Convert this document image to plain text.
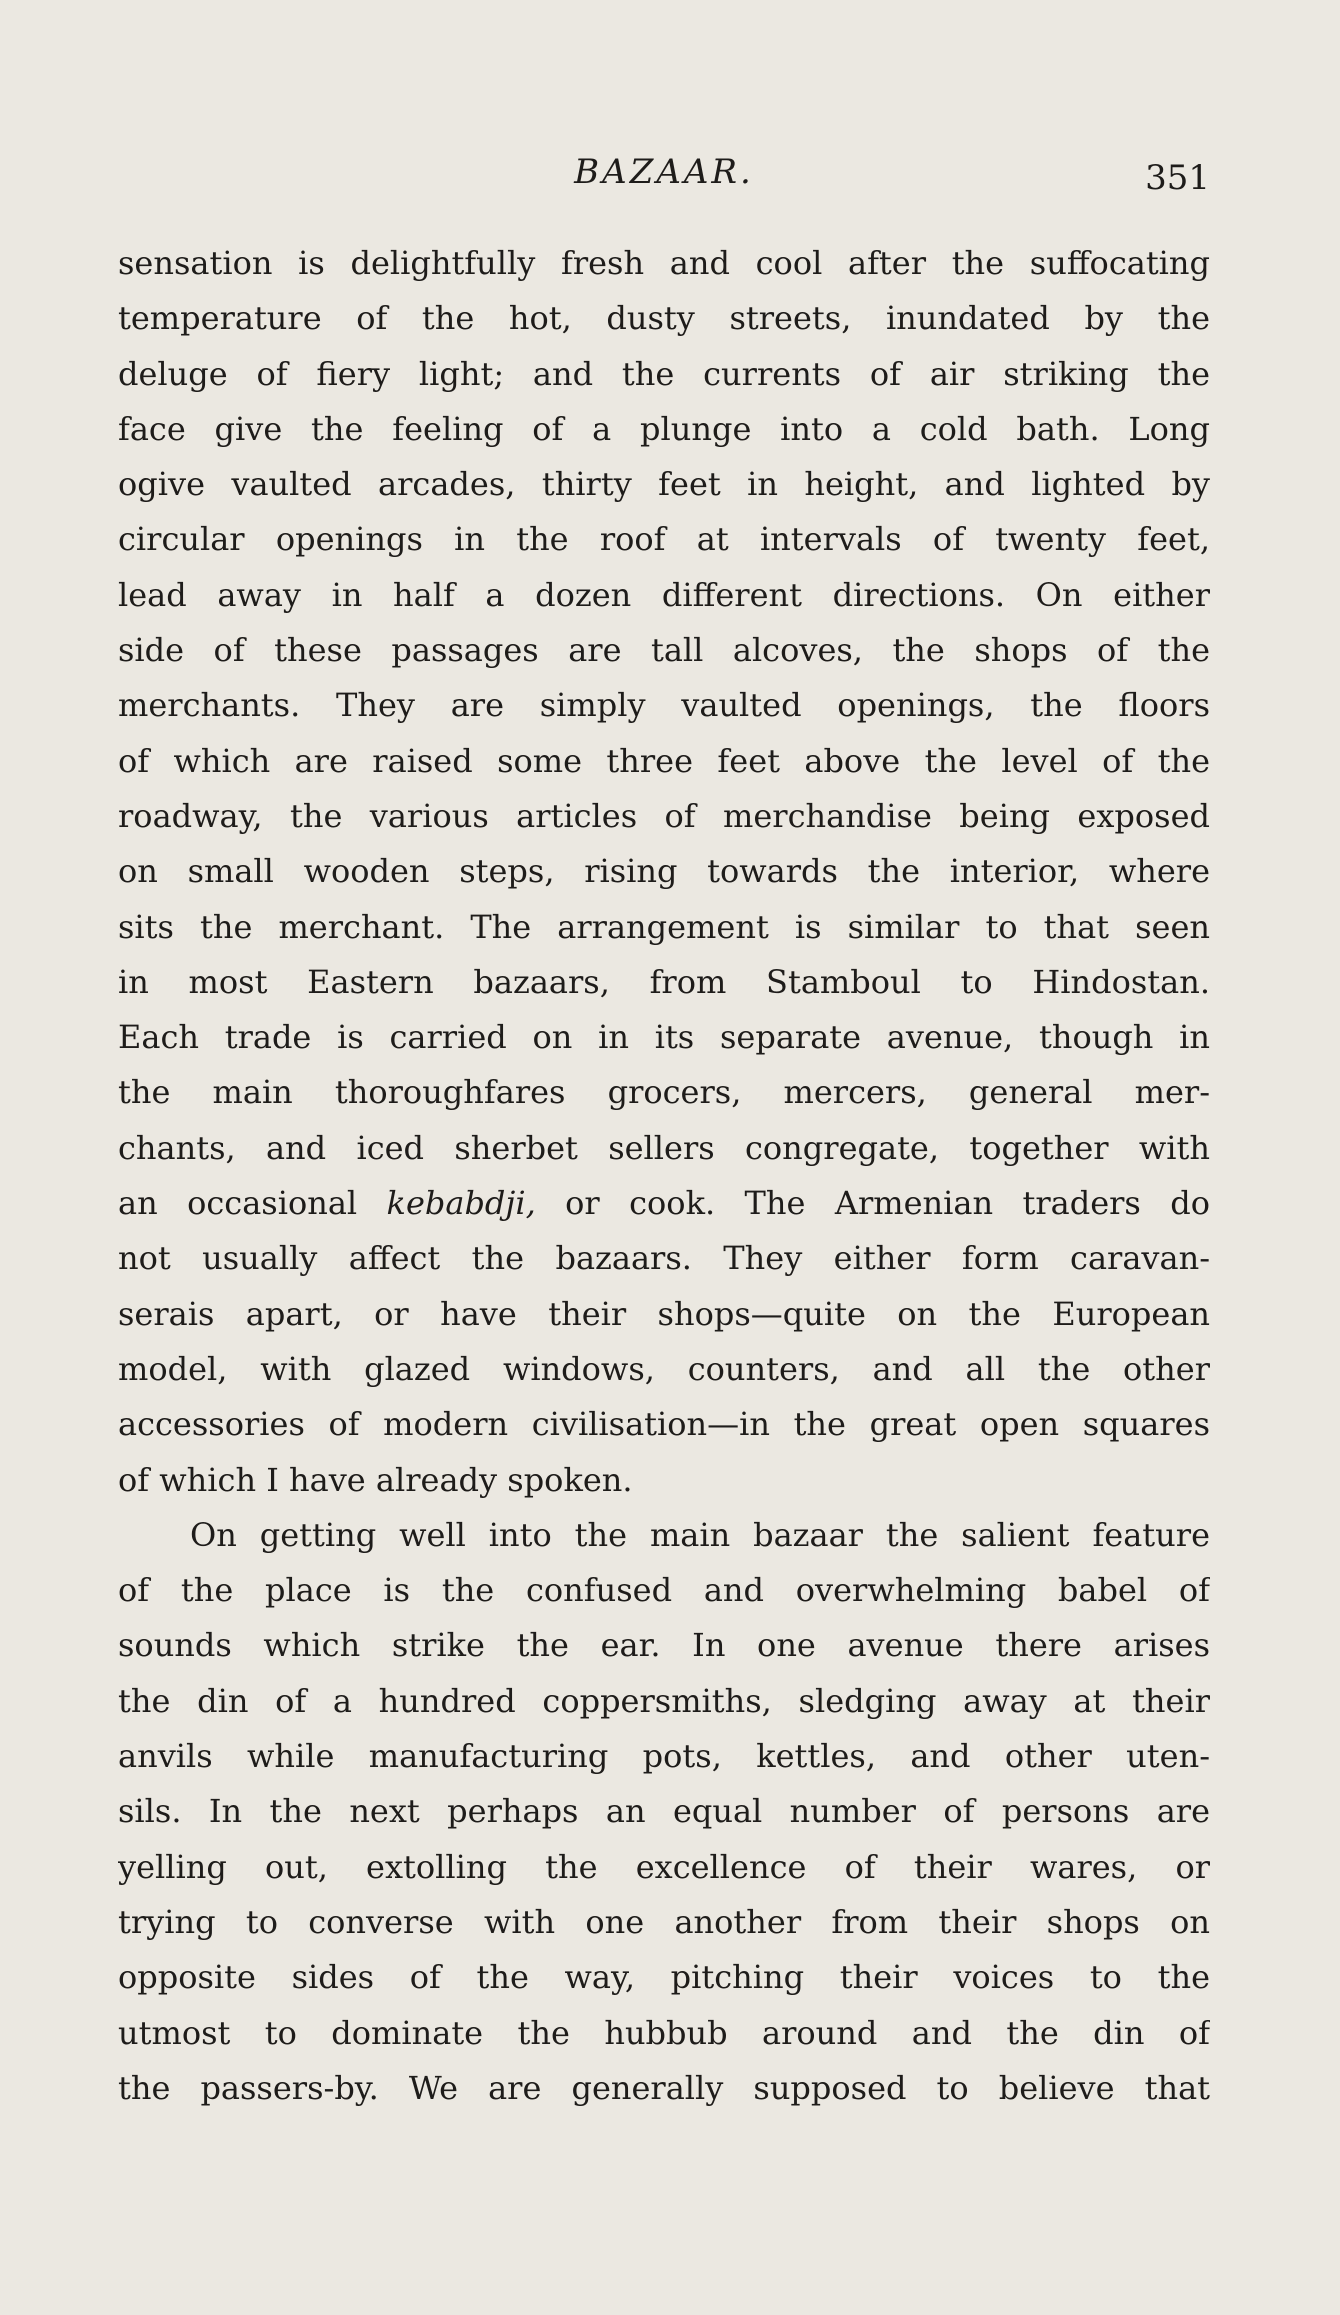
BAZAAR.	351
sensation is delightfully fresh and cool after the suffocating
temperature of the hot, dusty streets, inundated by the
deluge of fiery light; and the currents of air striking the
face give the feeling of a plunge into a cold bath. Long
ogive vaulted arcades, thirty feet in height, and lighted by
circular openings in the roof at intervals of twenty feet,
lead away in half a dozen different directions. On either
side of these passages are tall alcoves, the shops of the
merchants. They are simply vaulted openings, the floors
of which are raised some three feet above the level of the
roadway, the various articles of merchandise being exposed
on small wooden steps, rising towards the interior, where
sits the merchant. The arrangement is similar to that seen
in most Eastern bazaars, from Stamboul to Hindostan.
Each trade is carried on in its separate avenue, though in
the main thoroughfares grocers, mercers, general mer-
chants, and iced sherbet sellers congregate, together with
an occasional kebabdji, or cook. The Armenian traders do
not usually affect the bazaars. They either form caravan-
serais apart, or have their shops—quite on the European
model, with glazed windows, counters, and all the other
accessories of modern civilisation—in the great open squares
of which I have already spoken.
On getting well into the main bazaar the salient feature
of the place is the confused and overwhelming babel of
sounds which strike the ear. In one avenue there arises
the din of a hundred coppersmiths, sledging away at their
anvils while manufacturing pots, kettles, and other uten-
sils. In the next perhaps an equal number of persons are
yelling out, extolling the excellence of their wares, or
trying to converse with one another from their shops on
opposite sides of the way, pitching their voices to the
utmost to dominate the hubbub around and the din of
the passers-by. We are generally supposed to believe that
